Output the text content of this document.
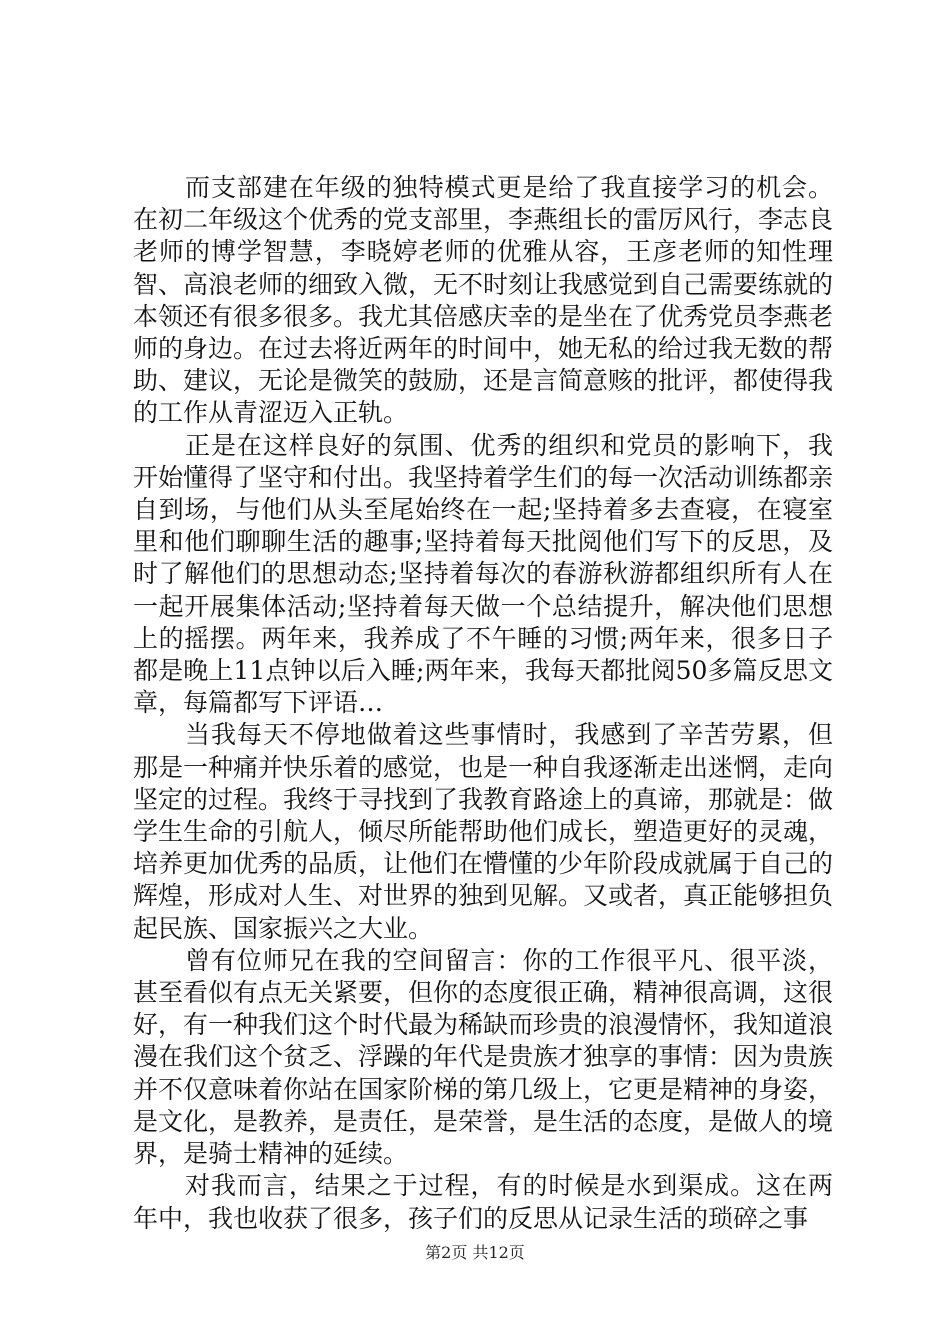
而支部建在年级的独特模式更是给了我直接学习的机会。在初二年级这个优秀的党支部里，李燕组长的雷厉风行，李志良老师的博学智慧，李晓婷老师的优雅从容，王彦老师的知性理智、高浪老师的细致入微，无不时刻让我感觉到自己需要练就的本领还有很多很多。我尤其倍感庆幸的是坐在了优秀党员李燕老师的身边。在过去将近两年的时间中，她无私的给过我无数的帮助、建议，无论是微笑的鼓励，还是言简意赅的批评，都使得我的工作从青涩迈入正轨。

正是在这样良好的氛围、优秀的组织和党员的影响下，我开始懂得了坚守和付出。我坚持着学生们的每一次活动训练都亲自到场，与他们从头至尾始终在一起;坚持着多去查寝，在寝室里和他们聊聊生活的趣事;坚持着每天批阅他们写下的反思，及时了解他们的思想动态;坚持着每次的春游秋游都组织所有人在一起开展集体活动;坚持着每天做一个总结提升，解决他们思想上的摇摆。两年来，我养成了不午睡的习惯;两年来，很多日子都是晚上11点钟以后入睡;两年来，我每天都批阅50多篇反思文章，每篇都写下评语…

当我每天不停地做着这些事情时，我感到了辛苦劳累，但那是一种痛并快乐着的感觉，也是一种自我逐渐走出迷惘，走向坚定的过程。我终于寻找到了我教育路途上的真谛，那就是：做学生生命的引航人，倾尽所能帮助他们成长，塑造更好的灵魂，培养更加优秀的品质，让他们在懵懂的少年阶段成就属于自己的辉煌，形成对人生、对世界的独到见解。又或者，真正能够担负起民族、国家振兴之大业。

曾有位师兄在我的空间留言：你的工作很平凡、很平淡，甚至看似有点无关紧要，但你的态度很正确，精神很高调，这很好，有一种我们这个时代最为稀缺而珍贵的浪漫情怀，我知道浪漫在我们这个贫乏、浮躁的年代是贵族才独享的事情：因为贵族并不仅意味着你站在国家阶梯的第几级上，它更是精神的身姿，是文化，是教养，是责任，是荣誉，是生活的态度，是做人的境界，是骑士精神的延续。

对我而言，结果之于过程，有的时候是水到渠成。这在两年中，我也收获了很多，孩子们的反思从记录生活的琐碎之事

第2页 共12页
